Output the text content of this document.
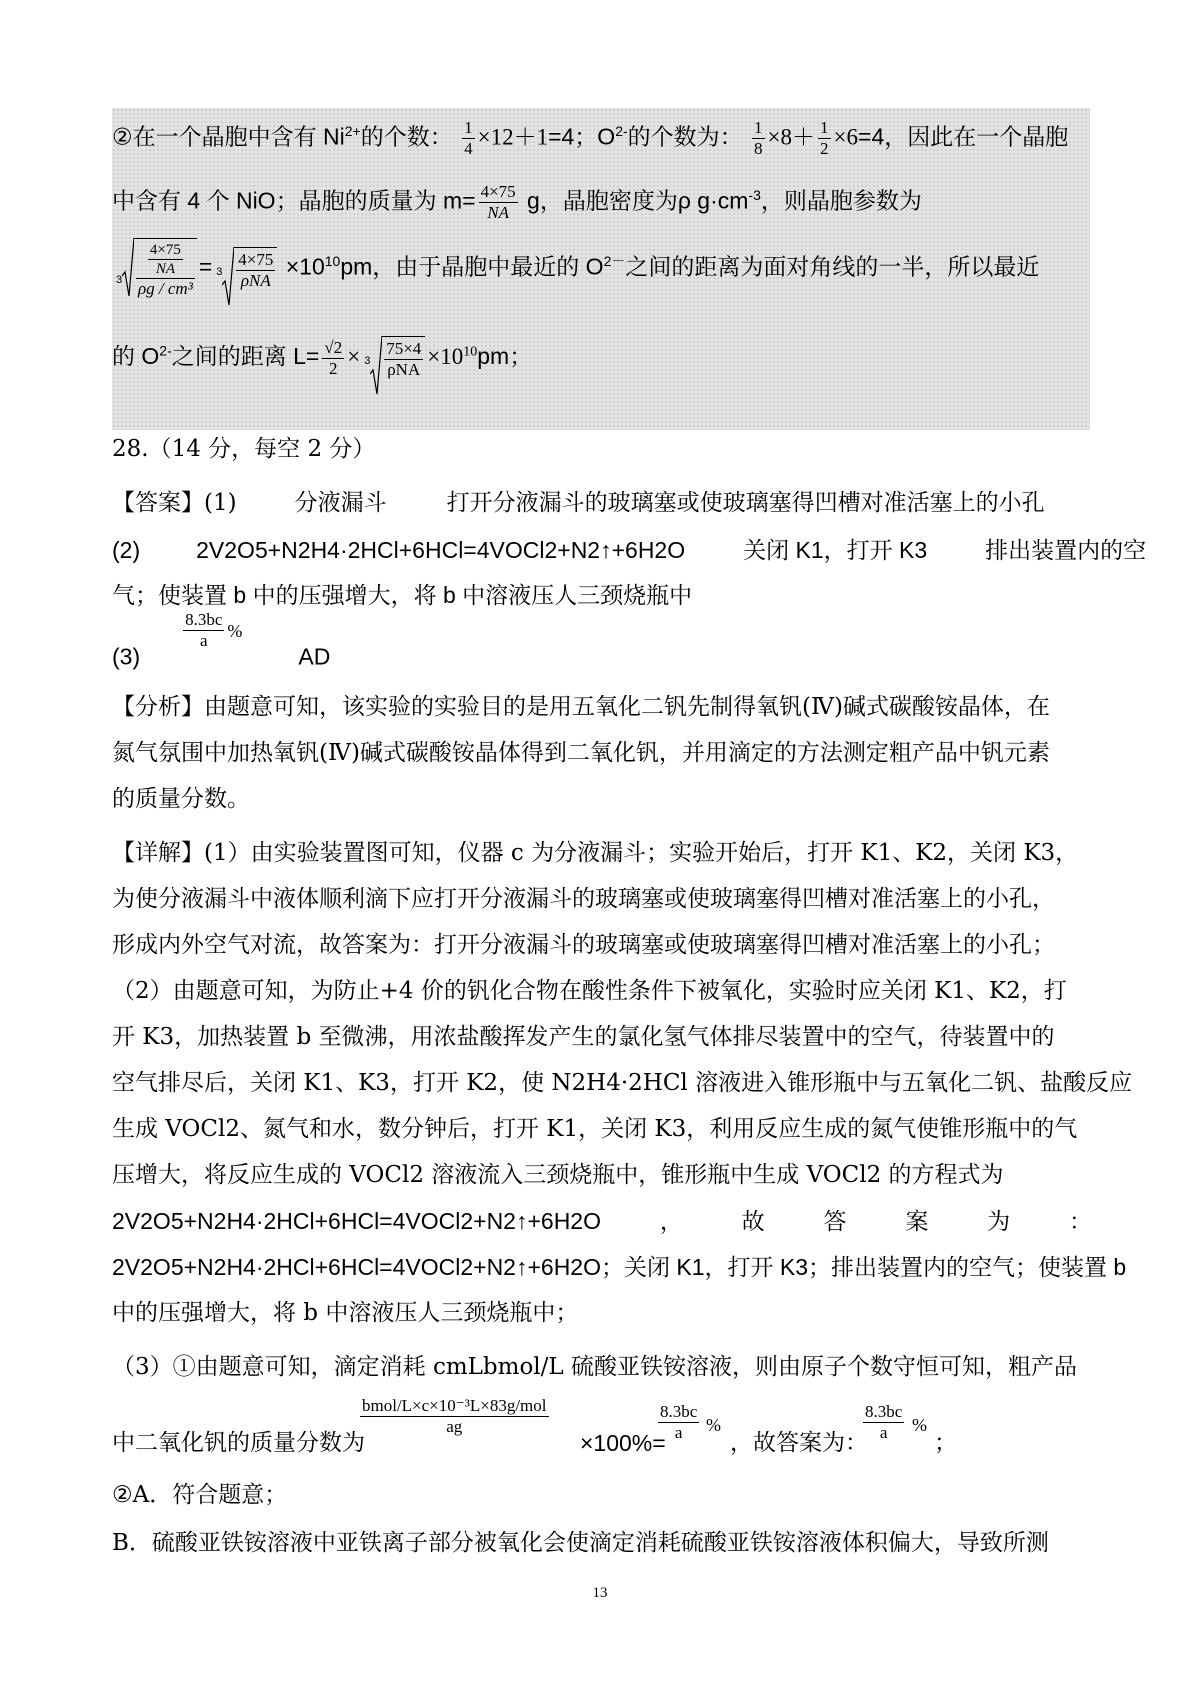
②在一个晶胞中含有 $Ni^{2+}$的个数： $\frac{1}{4} \times 12+1=4$；$O^{2-}$的个数为： $\frac{1}{8} \times 8+ \frac{1}{2} \times 6=4$，因此在一个晶胞
中含有 4 个 NiO；晶胞的质量为 $m= \frac{4\times 75}{NA}$ g，晶胞密度为ρ $g\cdot cm^{-3}$，则晶胞参数为
$3 \frac{\frac{4\times 75}{NA}}{\text{ρg / cm³}} = 3 \frac{4\times 75}{\text{ρNA}} \times 10^{10}pm$，由于晶胞中最近的 $O^{2-}$之间的距离为面对角线的一半，所以最近
的 $O^{2-}$之间的距离 $L= \frac{√2}{2} \times 3 \frac{75\times 4}{\text{ρNA}} \times 10^{10}pm$；
28.（14 分，每空 2 分）
【答案】(1)	分液漏斗	打开分液漏斗的玻璃塞或使玻璃塞得凹槽对准活塞上的小孔
(2) 2V2O5+N2H4·2HCl+6HCl=4VOCl2+N2↑+6H2O	关闭 K1，打开 K3	排出装置内的空
气；使装置 b 中的压强增大，将 b 中溶液压人三颈烧瓶中
(3)
$\frac{8.3bc}{a} ^{\%}AD$
【分析】由题意可知，该实验的实验目的是用五氧化二钒先制得氧钒(Ⅳ)碱式碳酸铵晶体，在
氮气氛围中加热氧钒(Ⅳ)碱式碳酸铵晶体得到二氧化钒，并用滴定的方法测定粗产品中钒元素
的质量分数。
【详解】(1）由实验装置图可知，仪器 c 为分液漏斗；实验开始后，打开 K1、K2，关闭 K3，
为使分液漏斗中液体顺利滴下应打开分液漏斗的玻璃塞或使玻璃塞得凹槽对准活塞上的小孔，
形成内外空气对流，故答案为：打开分液漏斗的玻璃塞或使玻璃塞得凹槽对准活塞上的小孔；
（2）由题意可知，为防止+4 价的钒化合物在酸性条件下被氧化，实验时应关闭 K1、K2，打
开 K3，加热装置 b 至微沸，用浓盐酸挥发产生的氯化氢气体排尽装置中的空气，待装置中的
空气排尽后，关闭 K1、K3，打开 K2，使 N2H4·2HCl 溶液进入锥形瓶中与五氧化二钒、盐酸反应
生成 VOCl2、氮气和水，数分钟后，打开 K1，关闭 K3，利用反应生成的氮气使锥形瓶中的气
压增大，将反应生成的 VOCl2 溶液流入三颈烧瓶中，锥形瓶中生成 VOCl2 的方程式为
2V2O5+N2H4·2HCl+6HCl=4VOCl2+N2↑+6H2O	，	故	答	案	为	：
2V2O5+N2H4·2HCl+6HCl=4VOCl2+N2↑+6H2O；关闭 K1，打开 K3；排出装置内的空气；使装置 b
中的压强增大，将 b 中溶液压人三颈烧瓶中；
（3）①由题意可知，滴定消耗 cmLbmol/L 硫酸亚铁铵溶液，则由原子个数守恒可知，粗产品
中二氧化钒的质量分数为
bmol/L×c×10⁻³L×83g/mol
ag
×100%=
$\frac{8.3bc}{a}$ %
，故答案为：
$\frac{8.3bc}{a}$ %
；
②A．符合题意；
B．硫酸亚铁铵溶液中亚铁离子部分被氧化会使滴定消耗硫酸亚铁铵溶液体积偏大，导致所测
13
